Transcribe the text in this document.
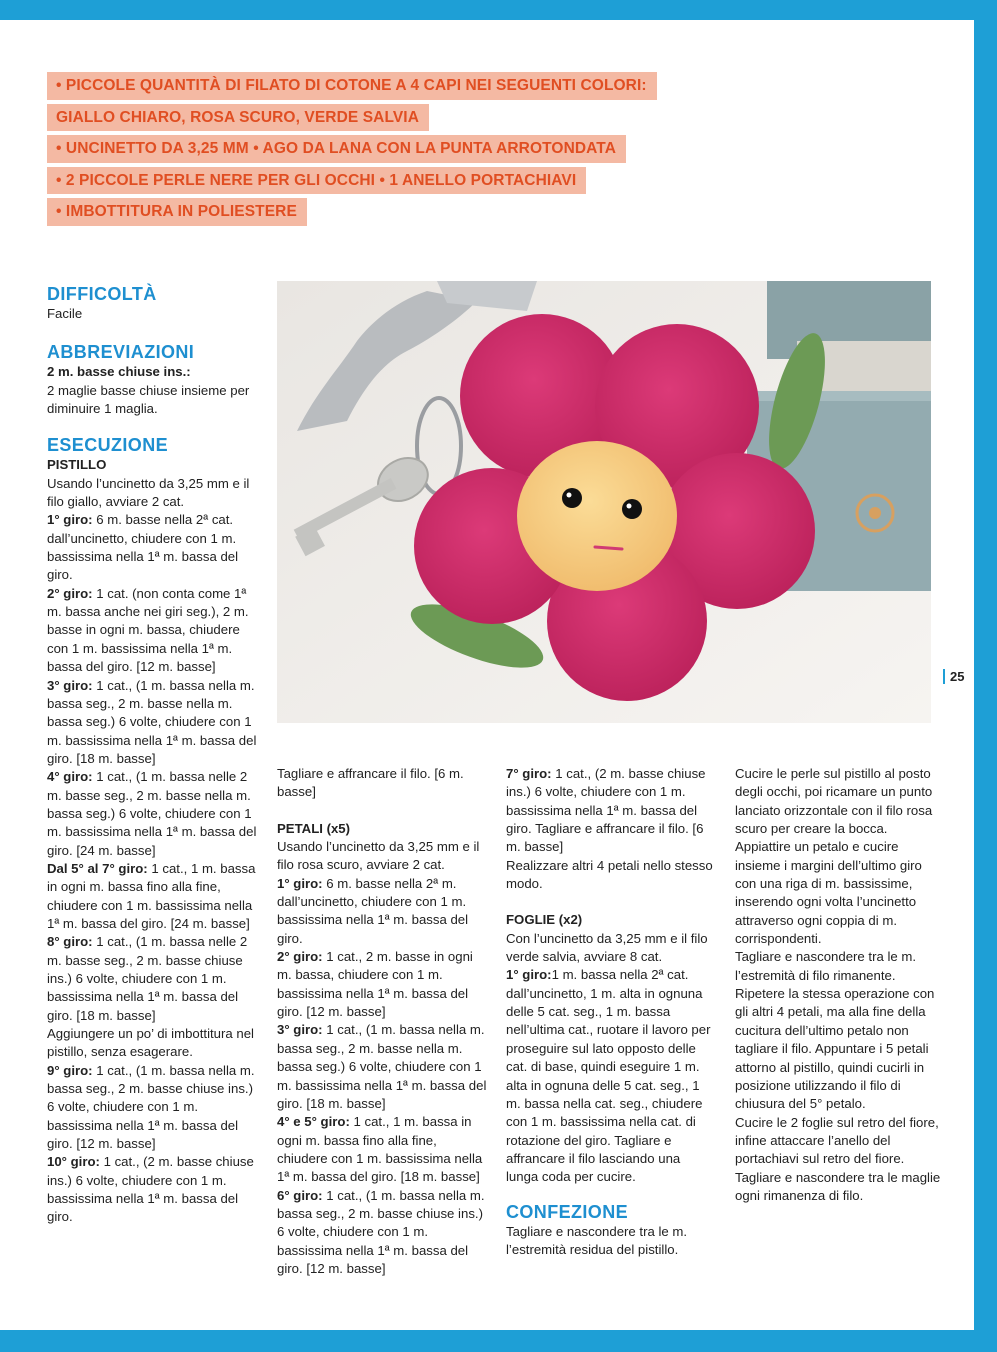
• PICCOLE QUANTITÀ DI FILATO DI COTONE A 4 CAPI NEI SEGUENTI COLORI:
GIALLO CHIARO, ROSA SCURO, VERDE SALVIA
• UNCINETTO DA 3,25 MM • AGO DA LANA CON LA PUNTA ARROTONDATA
• 2 PICCOLE PERLE NERE PER GLI OCCHI • 1 ANELLO PORTACHIAVI
• IMBOTTITURA IN POLIESTERE
25

DIFFICOLTÀ

Facile

ABBREVIAZIONI

2 m. basse chiuse ins.:
2 maglie basse chiuse insieme per diminuire 1 maglia.

ESECUZIONE

PISTILLO

Usando l’uncinetto da 3,25 mm e il filo giallo, avviare 2 cat.

1° giro: 6 m. basse nella 2ª cat. dall’uncinetto, chiudere con 1 m. bassissima nella 1ª m. bassa del giro.

2° giro: 1 cat. (non conta come 1ª m. bassa anche nei giri seg.), 2 m. basse in ogni m. bassa, chiudere con 1 m. bassissima nella 1ª m. bassa del giro. [12 m. basse]

3° giro: 1 cat., (1 m. bassa nella m. bassa seg., 2 m. basse nella m. bassa seg.) 6 volte, chiudere con 1 m. bassissima nella 1ª m. bassa del giro. [18 m. basse]

4° giro: 1 cat., (1 m. bassa nelle 2 m. basse seg., 2 m. basse nella m. bassa seg.) 6 volte, chiudere con 1 m. bassissima nella 1ª m. bassa del giro. [24 m. basse]

Dal 5° al 7° giro: 1 cat., 1 m. bassa in ogni m. bassa fino alla fine, chiudere con 1 m. bassissima nella 1ª m. bassa del giro. [24 m. basse]

8° giro: 1 cat., (1 m. bassa nelle 2 m. basse seg., 2 m. basse chiuse ins.) 6 volte, chiudere con 1 m. bassissima nella 1ª m. bassa del giro. [18 m. basse]

Aggiungere un po’ di imbottitura nel pistillo, senza esagerare.

9° giro: 1 cat., (1 m. bassa nella m. bassa seg., 2 m. basse chiuse ins.) 6 volte, chiudere con 1 m. bassissima nella 1ª m. bassa del giro. [12 m. basse]

10° giro: 1 cat., (2 m. basse chiuse ins.) 6 volte, chiudere con 1 m. bassissima nella 1ª m. bassa del giro.

Tagliare e affrancare il filo. [6 m. basse]

PETALI (x5)

Usando l’uncinetto da 3,25 mm e il filo rosa scuro, avviare 2 cat.

1° giro: 6 m. basse nella 2ª m. dall’uncinetto, chiudere con 1 m. bassissima nella 1ª m. bassa del giro.

2° giro: 1 cat., 2 m. basse in ogni m. bassa, chiudere con 1 m. bassissima nella 1ª m. bassa del giro. [12 m. basse]

3° giro: 1 cat., (1 m. bassa nella m. bassa seg., 2 m. basse nella m. bassa seg.) 6 volte, chiudere con 1 m. bassissima nella 1ª m. bassa del giro. [18 m. basse]

4° e 5° giro: 1 cat., 1 m. bassa in ogni m. bassa fino alla fine, chiudere con 1 m. bassissima nella 1ª m. bassa del giro. [18 m. basse]

6° giro: 1 cat., (1 m. bassa nella m. bassa seg., 2 m. basse chiuse ins.) 6 volte, chiudere con 1 m. bassissima nella 1ª m. bassa del giro. [12 m. basse]

7° giro: 1 cat., (2 m. basse chiuse ins.) 6 volte, chiudere con 1 m. bassissima nella 1ª m. bassa del giro. Tagliare e affrancare il filo. [6 m. basse]

Realizzare altri 4 petali nello stesso modo.

FOGLIE (x2)

Con l’uncinetto da 3,25 mm e il filo verde salvia, avviare 8 cat.

1° giro:1 m. bassa nella 2ª cat. dall’uncinetto, 1 m. alta in ognuna delle 5 cat. seg., 1 m. bassa nell’ultima cat., ruotare il lavoro per proseguire sul lato opposto delle cat. di base, quindi eseguire 1 m. alta in ognuna delle 5 cat. seg., 1 m. bassa nella cat. seg., chiudere con 1 m. bassissima nella cat. di rotazione del giro. Tagliare e affrancare il filo lasciando una lunga coda per cucire.

CONFEZIONE

Tagliare e nascondere tra le m. l’estremità residua del pistillo.

Cucire le perle sul pistillo al posto degli occhi, poi ricamare un punto lanciato orizzontale con il filo rosa scuro per creare la bocca.

Appiattire un petalo e cucire insieme i margini dell’ultimo giro con una riga di m. bassissime, inserendo ogni volta l’uncinetto attraverso ogni coppia di m. corrispondenti.

Tagliare e nascondere tra le m. l’estremità di filo rimanente. Ripetere la stessa operazione con gli altri 4 petali, ma alla fine della cucitura dell’ultimo petalo non tagliare il filo. Appuntare i 5 petali attorno al pistillo, quindi cucirli in posizione utilizzando il filo di chiusura del 5° petalo.

Cucire le 2 foglie sul retro del fiore, infine attaccare l’anello del portachiavi sul retro del fiore. Tagliare e nascondere tra le maglie ogni rimanenza di filo.
